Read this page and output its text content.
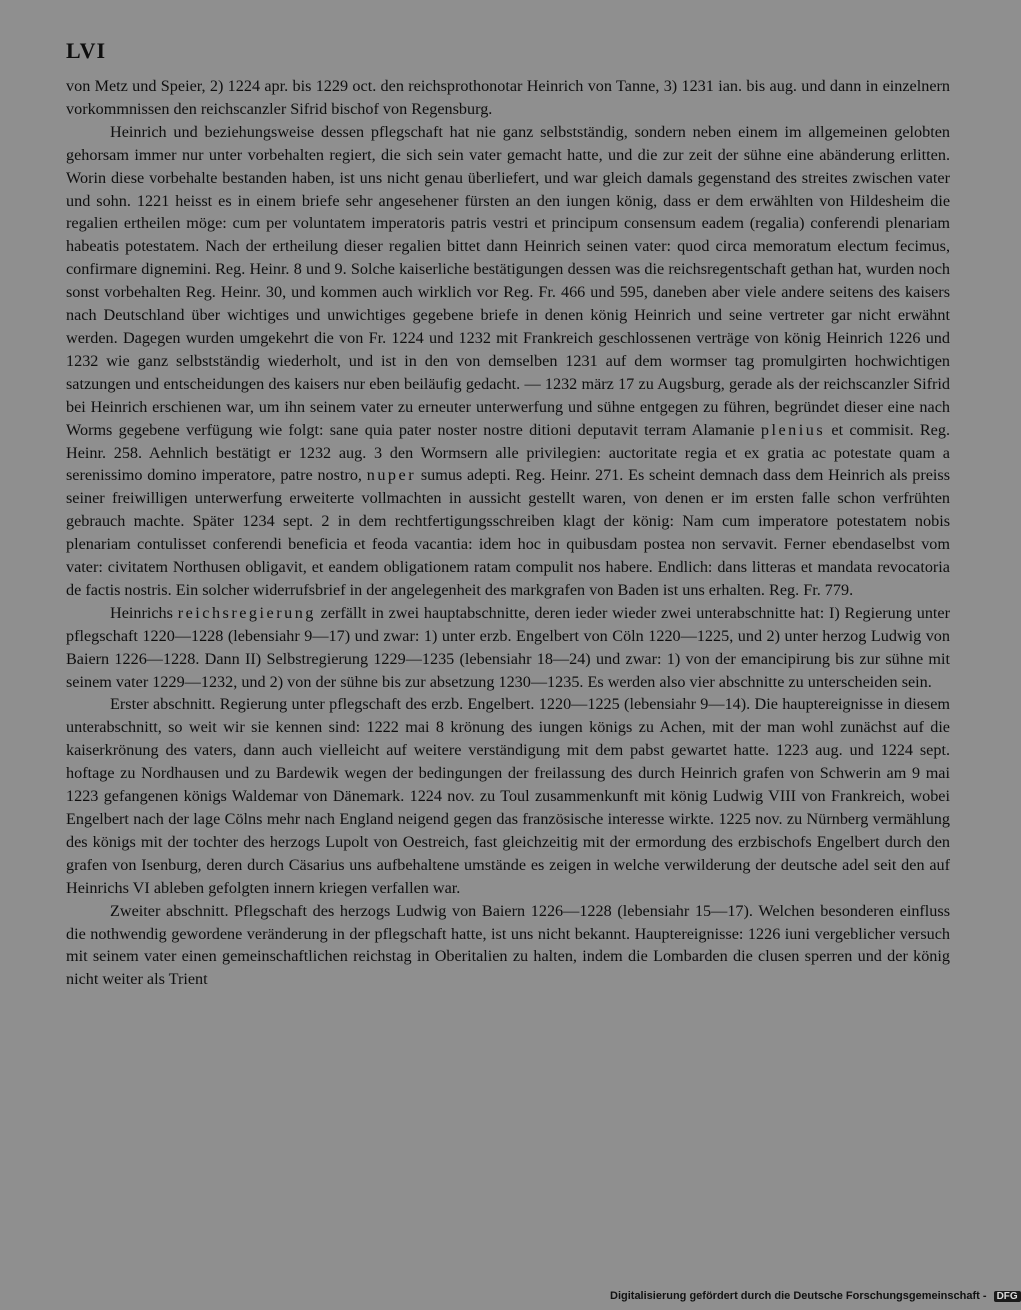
LVI

von Metz und Speier, 2) 1224 apr. bis 1229 oct. den reichsprothonotar Heinrich von Tanne, 3) 1231 ian. bis aug. und dann in einzelnern vorkommnissen den reichscanzler Sifrid bischof von Regensburg.

Heinrich und beziehungsweise dessen pflegschaft hat nie ganz selbstständig, sondern neben einem im allgemeinen gelobten gehorsam immer nur unter vorbehalten regiert, die sich sein vater gemacht hatte, und die zur zeit der sühne eine abänderung erlitten. Worin diese vorbehalte bestanden haben, ist uns nicht genau überliefert, und war gleich damals gegenstand des streites zwischen vater und sohn. 1221 heisst es in einem briefe sehr angesehener fürsten an den iungen könig, dass er dem erwählten von Hildesheim die regalien ertheilen möge: cum per voluntatem imperatoris patris vestri et principum consensum eadem (regalia) conferendi plenariam habeatis potestatem. Nach der ertheilung dieser regalien bittet dann Heinrich seinen vater: quod circa memoratum electum fecimus, confirmare dignemini. Reg. Heinr. 8 und 9. Solche kaiserliche bestätigungen dessen was die reichsregentschaft gethan hat, wurden noch sonst vorbehalten Reg. Heinr. 30, und kommen auch wirklich vor Reg. Fr. 466 und 595, daneben aber viele andere seitens des kaisers nach Deutschland über wichtiges und unwichtiges gegebene briefe in denen könig Heinrich und seine vertreter gar nicht erwähnt werden. Dagegen wurden umgekehrt die von Fr. 1224 und 1232 mit Frankreich geschlossenen verträge von könig Heinrich 1226 und 1232 wie ganz selbstständig wiederholt, und ist in den von demselben 1231 auf dem wormser tag promulgirten hochwichtigen satzungen und entscheidungen des kaisers nur eben beiläufig gedacht. — 1232 märz 17 zu Augsburg, gerade als der reichscanzler Sifrid bei Heinrich erschienen war, um ihn seinem vater zu erneuter unterwerfung und sühne entgegen zu führen, begründet dieser eine nach Worms gegebene verfügung wie folgt: sane quia pater noster nostre ditioni deputavit terram Alamanie plenius et commisit. Reg. Heinr. 258. Aehnlich bestätigt er 1232 aug. 3 den Wormsern alle privilegien: auctoritate regia et ex gratia ac potestate quam a serenissimo domino imperatore, patre nostro, nuper sumus adepti. Reg. Heinr. 271. Es scheint demnach dass dem Heinrich als preiss seiner freiwilligen unterwerfung erweiterte vollmachten in aussicht gestellt waren, von denen er im ersten falle schon verfrühten gebrauch machte. Später 1234 sept. 2 in dem rechtfertigungsschreiben klagt der könig: Nam cum imperatore potestatem nobis plenariam contulisset conferendi beneficia et feoda vacantia: idem hoc in quibusdam postea non servavit. Ferner ebendaselbst vom vater: civitatem Northusen obligavit, et eandem obligationem ratam compulit nos habere. Endlich: dans litteras et mandata revocatoria de factis nostris. Ein solcher widerrufsbrief in der angelegenheit des markgrafen von Baden ist uns erhalten. Reg. Fr. 779.

Heinrichs reichsregierung zerfällt in zwei hauptabschnitte, deren ieder wieder zwei unterabschnitte hat: I) Regierung unter pflegschaft 1220—1228 (lebensiahr 9—17) und zwar: 1) unter erzb. Engelbert von Cöln 1220—1225, und 2) unter herzog Ludwig von Baiern 1226—1228. Dann II) Selbstregierung 1229—1235 (lebensiahr 18—24) und zwar: 1) von der emancipirung bis zur sühne mit seinem vater 1229—1232, und 2) von der sühne bis zur absetzung 1230—1235. Es werden also vier abschnitte zu unterscheiden sein.

Erster abschnitt. Regierung unter pflegschaft des erzb. Engelbert. 1220—1225 (lebensiahr 9—14). Die hauptereignisse in diesem unterabschnitt, so weit wir sie kennen sind: 1222 mai 8 krönung des iungen königs zu Achen, mit der man wohl zunächst auf die kaiserkrönung des vaters, dann auch vielleicht auf weitere verständigung mit dem pabst gewartet hatte. 1223 aug. und 1224 sept. hoftage zu Nordhausen und zu Bardewik wegen der bedingungen der freilassung des durch Heinrich grafen von Schwerin am 9 mai 1223 gefangenen königs Waldemar von Dänemark. 1224 nov. zu Toul zusammenkunft mit könig Ludwig VIII von Frankreich, wobei Engelbert nach der lage Cölns mehr nach England neigend gegen das französische interesse wirkte. 1225 nov. zu Nürnberg vermählung des königs mit der tochter des herzogs Lupolt von Oestreich, fast gleichzeitig mit der ermordung des erzbischofs Engelbert durch den grafen von Isenburg, deren durch Cäsarius uns aufbehaltene umstände es zeigen in welche verwilderung der deutsche adel seit den auf Heinrichs VI ableben gefolgten innern kriegen verfallen war.

Zweiter abschnitt. Pflegschaft des herzogs Ludwig von Baiern 1226—1228 (lebensiahr 15—17). Welchen besonderen einfluss die nothwendig gewordene veränderung in der pflegschaft hatte, ist uns nicht bekannt. Hauptereignisse: 1226 iuni vergeblicher versuch mit seinem vater einen gemeinschaftlichen reichstag in Oberitalien zu halten, indem die Lombarden die clusen sperren und der könig nicht weiter als Trient

Digitalisierung gefördert durch die Deutsche Forschungsgemeinschaft - DFG
